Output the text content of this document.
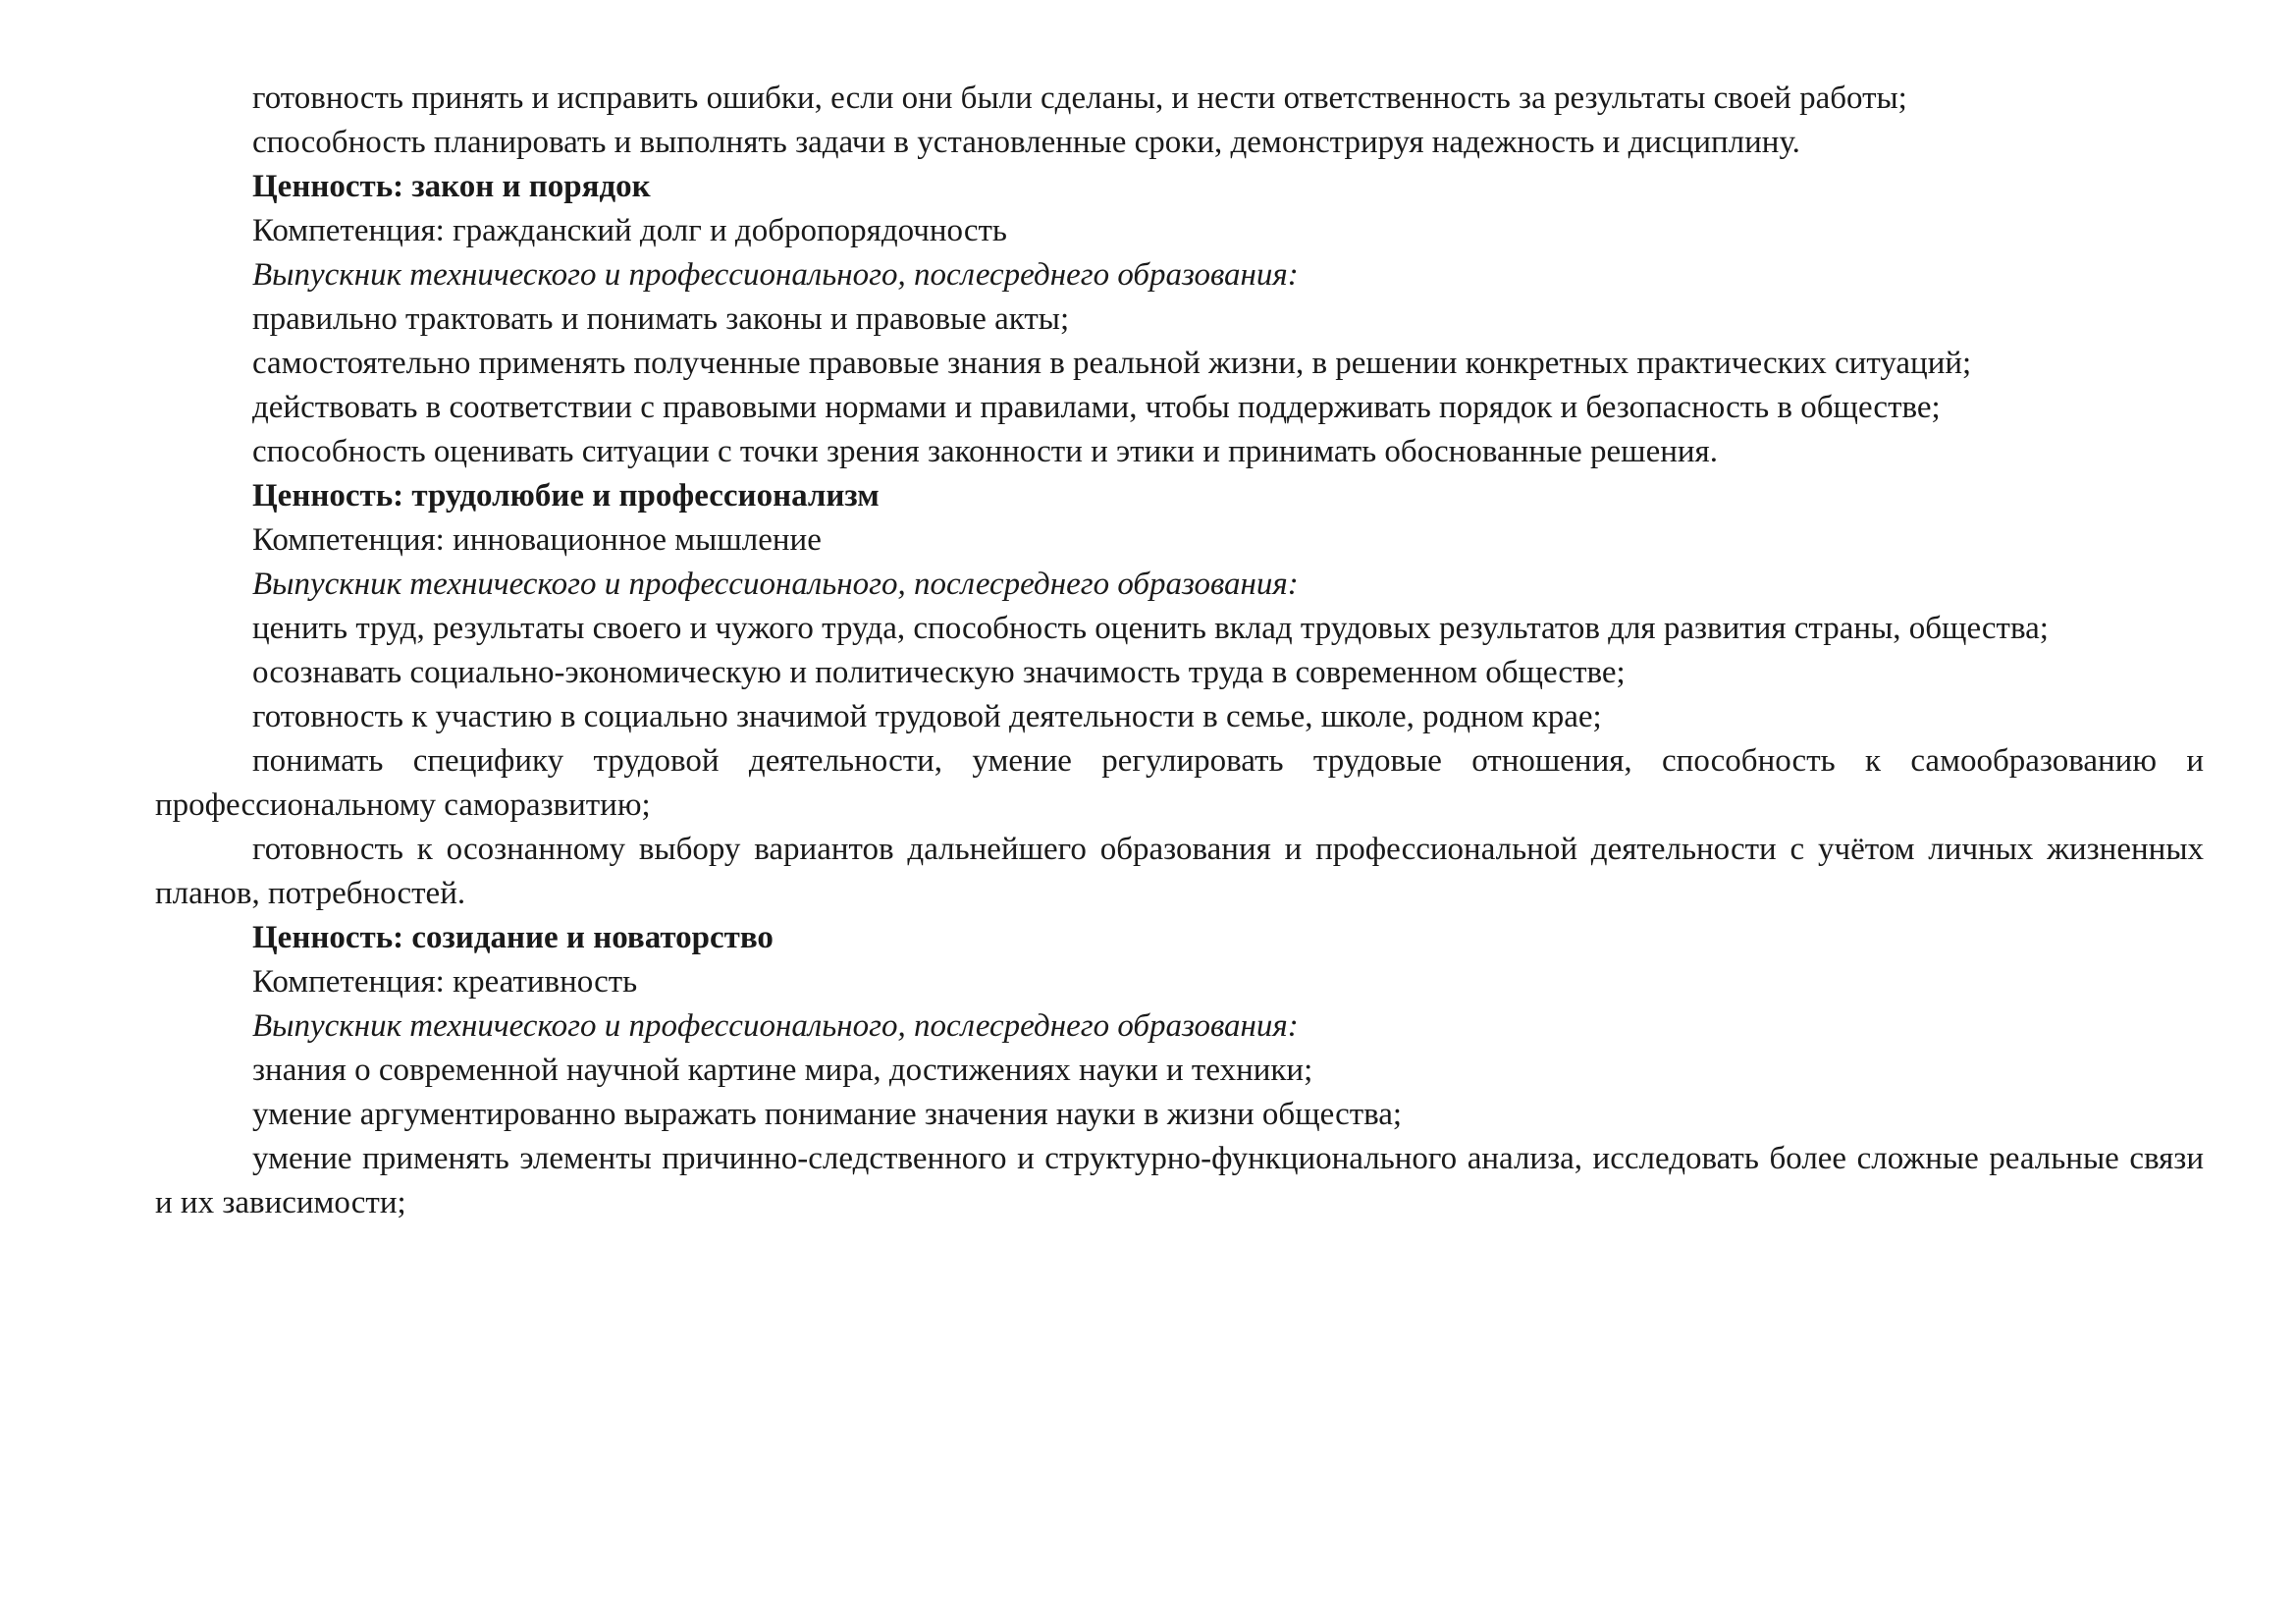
готовность принять и исправить ошибки, если они были сделаны, и нести ответственность за результаты своей работы;

способность планировать и выполнять задачи в установленные сроки, демонстрируя надежность и дисциплину.

Ценность: закон и порядок

Компетенция: гражданский долг и добропорядочность

Выпускник технического и профессионального, послесреднего образования:

правильно трактовать и понимать законы и правовые акты;

самостоятельно применять полученные правовые знания в реальной жизни, в решении конкретных практических ситуаций;

действовать в соответствии с правовыми нормами и правилами, чтобы поддерживать порядок и безопасность в обществе;

способность оценивать ситуации с точки зрения законности и этики и принимать обоснованные решения.

Ценность: трудолюбие и профессионализм

Компетенция: инновационное мышление

Выпускник технического и профессионального, послесреднего образования:

ценить труд, результаты своего и чужого труда, способность оценить вклад трудовых результатов для развития страны, общества;

осознавать социально-экономическую и политическую значимость труда в современном обществе;

готовность к участию в социально значимой трудовой деятельности в семье, школе, родном крае;

понимать специфику трудовой деятельности, умение регулировать трудовые отношения, способность к самообразованию и профессиональному саморазвитию;

готовность к осознанному выбору вариантов дальнейшего образования и профессиональной деятельности с учётом личных жизненных планов, потребностей.

Ценность: созидание и новаторство

Компетенция: креативность

Выпускник технического и профессионального, послесреднего образования:

знания о современной научной картине мира, достижениях науки и техники;

умение аргументированно выражать понимание значения науки в жизни общества;

умение применять элементы причинно-следственного и структурно-функционального анализа, исследовать более сложные реальные связи и их зависимости;
